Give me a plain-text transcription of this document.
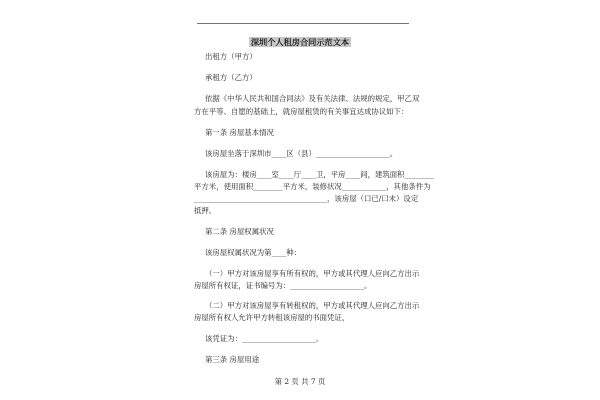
深圳个人租房合同示范文本
出租方（甲方）
承租方（乙方）
依据《中华人民共和国合同法》及有关法律、法规的规定，甲乙双
方在平等、自愿的基础上，就房屋租赁的有关事宜达成协议如下：
第一条 房屋基本情况
该房屋坐落于深圳市____区（县）____________________。
该房屋为：楼房____室____厅____卫，平房____间，建筑面积________
平方米，使用面积________平方米，装修状况____________，其他条件为
____________________________________，该房屋（口已/口未）设定
抵押。
第二条 房屋权属状况
该房屋权属状况为第____种：
（一）甲方对该房屋享有所有权的，甲方或其代理人应向乙方出示
房屋所有权证，证书编号为：____________________。
（二）甲方对该房屋享有转租权的，甲方或其代理人应向乙方出示
房屋所有权人允许甲方转租该房屋的书面凭证，
该凭证为：____________________。
第三条 房屋用途
第 2 页 共 7 页
